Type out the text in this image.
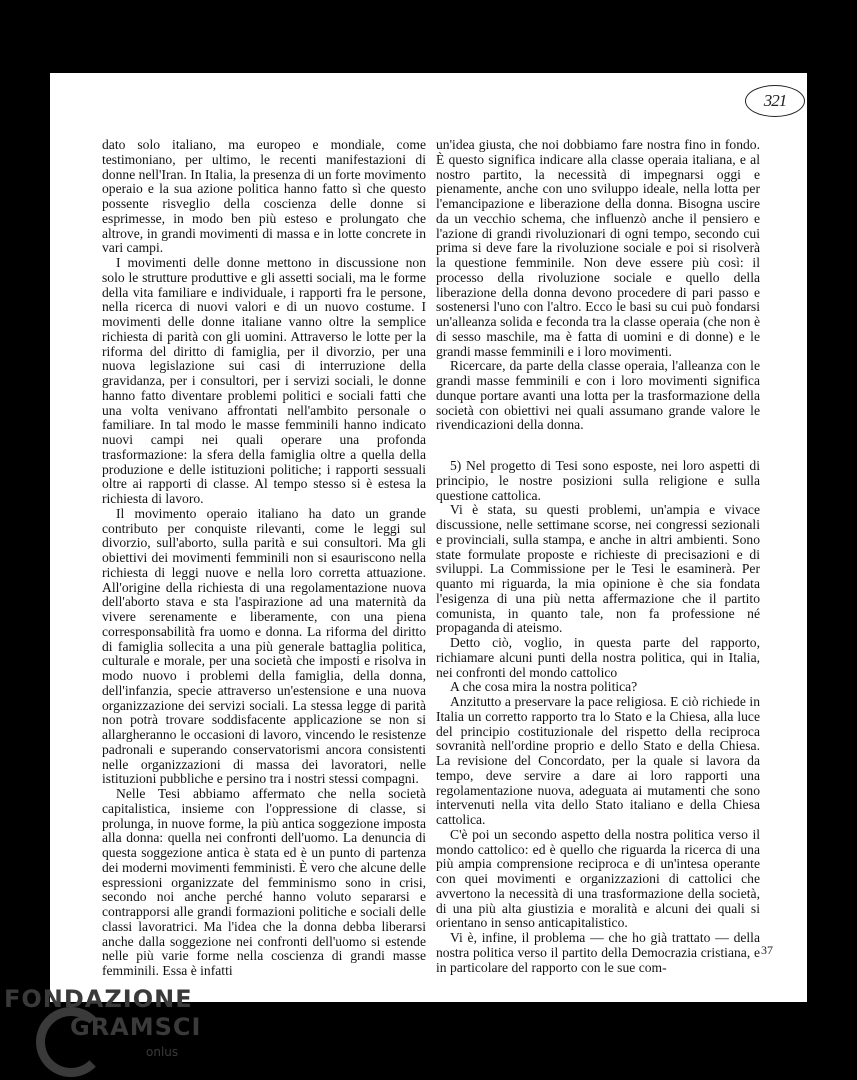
321

dato solo italiano, ma europeo e mondiale, come testimoniano, per ultimo, le recenti manifestazioni di donne nell'Iran. In Italia, la presenza di un forte movimento operaio e la sua azione politica hanno fatto sì che questo possente risveglio della coscienza delle donne si esprimesse, in modo ben più esteso e prolungato che altrove, in grandi movimenti di massa e in lotte concrete in vari campi.

I movimenti delle donne mettono in discussione non solo le strutture produttive e gli assetti sociali, ma le forme della vita familiare e individuale, i rapporti fra le persone, nella ricerca di nuovi valori e di un nuovo costume. I movimenti delle donne italiane vanno oltre la semplice richiesta di parità con gli uomini. Attraverso le lotte per la riforma del diritto di famiglia, per il divorzio, per una nuova legislazione sui casi di interruzione della gravidanza, per i consultori, per i servizi sociali, le donne hanno fatto diventare problemi politici e sociali fatti che una volta venivano affrontati nell'ambito personale o familiare. In tal modo le masse femminili hanno indicato nuovi campi nei quali operare una profonda trasformazione: la sfera della famiglia oltre a quella della produzione e delle istituzioni politiche; i rapporti sessuali oltre ai rapporti di classe. Al tempo stesso si è estesa la richiesta di lavoro.

Il movimento operaio italiano ha dato un grande contributo per conquiste rilevanti, come le leggi sul divorzio, sull'aborto, sulla parità e sui consultori. Ma gli obiettivi dei movimenti femminili non si esauriscono nella richiesta di leggi nuove e nella loro corretta attuazione. All'origine della richiesta di una regolamentazione nuova dell'aborto stava e sta l'aspirazione ad una maternità da vivere serenamente e liberamente, con una piena corresponsabilità fra uomo e donna. La riforma del diritto di famiglia sollecita a una più generale battaglia politica, culturale e morale, per una società che imposti e risolva in modo nuovo i problemi della famiglia, della donna, dell'infanzia, specie attraverso un'estensione e una nuova organizzazione dei servizi sociali. La stessa legge di parità non potrà trovare soddisfacente applicazione se non si allargheranno le occasioni di lavoro, vincendo le resistenze padronali e superando conservatorismi ancora consistenti nelle organizzazioni di massa dei lavoratori, nelle istituzioni pubbliche e persino tra i nostri stessi compagni.

Nelle Tesi abbiamo affermato che nella società capitalistica, insieme con l'oppressione di classe, si prolunga, in nuove forme, la più antica soggezione imposta alla donna: quella nei confronti dell'uomo. La denuncia di questa soggezione antica è stata ed è un punto di partenza dei moderni movimenti femministi. È vero che alcune delle espressioni organizzate del femminismo sono in crisi, secondo noi anche perché hanno voluto separarsi e contrapporsi alle grandi formazioni politiche e sociali delle classi lavoratrici. Ma l'idea che la donna debba liberarsi anche dalla soggezione nei confronti dell'uomo si estende nelle più varie forme nella coscienza di grandi masse femminili. Essa è infatti

un'idea giusta, che noi dobbiamo fare nostra fino in fondo. È questo significa indicare alla classe operaia italiana, e al nostro partito, la necessità di impegnarsi oggi e pienamente, anche con uno sviluppo ideale, nella lotta per l'emancipazione e liberazione della donna. Bisogna uscire da un vecchio schema, che influenzò anche il pensiero e l'azione di grandi rivoluzionari di ogni tempo, secondo cui prima si deve fare la rivoluzione sociale e poi si risolverà la questione femminile. Non deve essere più così: il processo della rivoluzione sociale e quello della liberazione della donna devono procedere di pari passo e sostenersi l'uno con l'altro. Ecco le basi su cui può fondarsi un'alleanza solida e feconda tra la classe operaia (che non è di sesso maschile, ma è fatta di uomini e di donne) e le grandi masse femminili e i loro movimenti.

Ricercare, da parte della classe operaia, l'alleanza con le grandi masse femminili e con i loro movimenti significa dunque portare avanti una lotta per la trasformazione della società con obiettivi nei quali assumano grande valore le rivendicazioni della donna.

5) Nel progetto di Tesi sono esposte, nei loro aspetti di principio, le nostre posizioni sulla religione e sulla questione cattolica.

Vi è stata, su questi problemi, un'ampia e vivace discussione, nelle settimane scorse, nei congressi sezionali e provinciali, sulla stampa, e anche in altri ambienti. Sono state formulate proposte e richieste di precisazioni e di sviluppi. La Commissione per le Tesi le esaminerà. Per quanto mi riguarda, la mia opinione è che sia fondata l'esigenza di una più netta affermazione che il partito comunista, in quanto tale, non fa professione né propaganda di ateismo.

Detto ciò, voglio, in questa parte del rapporto, richiamare alcuni punti della nostra politica, qui in Italia, nei confronti del mondo cattolico

A che cosa mira la nostra politica?

Anzitutto a preservare la pace religiosa. E ciò richiede in Italia un corretto rapporto tra lo Stato e la Chiesa, alla luce del principio costituzionale del rispetto della reciproca sovranità nell'ordine proprio e dello Stato e della Chiesa. La revisione del Concordato, per la quale si lavora da tempo, deve servire a dare ai loro rapporti una regolamentazione nuova, adeguata ai mutamenti che sono intervenuti nella vita dello Stato italiano e della Chiesa cattolica.

C'è poi un secondo aspetto della nostra politica verso il mondo cattolico: ed è quello che riguarda la ricerca di una più ampia comprensione reciproca e di un'intesa operante con quei movimenti e organizzazioni di cattolici che avvertono la necessità di una trasformazione della società, di una più alta giustizia e moralità e alcuni dei quali si orientano in senso anticapitalistico.

Vi è, infine, il problema — che ho già trattato — della nostra politica verso il partito della Democrazia cristiana, e in particolare del rapporto con le sue com-

37
FONDAZIONE
GRAMSCI
onlus
